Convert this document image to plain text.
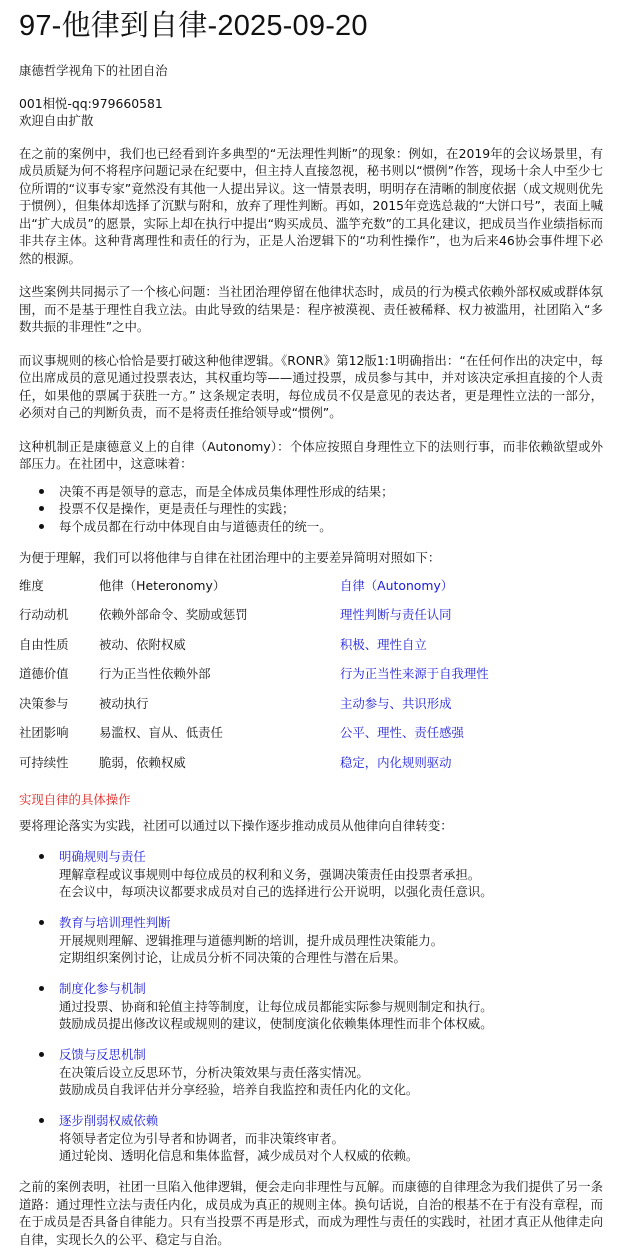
97-他律到自律-2025-09-20

康德哲学视角下的社团自治

001相悦-qq:979660581

欢迎自由扩散

在之前的案例中，我们也已经看到许多典型的“无法理性判断”的现象：例如，在2019年的会议场景里，有成员质疑为何不将程序问题记录在纪要中，但主持人直接忽视，秘书则以“惯例”作答，现场十余人中至少七位所谓的“议事专家”竟然没有其他一人提出异议。这一情景表明，明明存在清晰的制度依据（成文规则优先于惯例），但集体却选择了沉默与附和，放弃了理性判断。再如，2015年竞选总裁的“大饼口号”，表面上喊出“扩大成员”的愿景，实际上却在执行中提出“购买成员、滥竽充数”的工具化建议，把成员当作业绩指标而非共存主体。这种背离理性和责任的行为，正是人治逻辑下的“功利性操作”，也为后来46协会事件埋下必然的根源。

这些案例共同揭示了一个核心问题：当社团治理停留在他律状态时，成员的行为模式依赖外部权威或群体氛围，而不是基于理性自我立法。由此导致的结果是：程序被漠视、责任被稀释、权力被滥用，社团陷入“多数共振的非理性”之中。

而议事规则的核心恰恰是要打破这种他律逻辑。《RONR》第12版1:1明确指出：“在任何作出的决定中，每位出席成员的意见通过投票表达，其权重均等——通过投票，成员参与其中，并对该决定承担直接的个人责任，如果他的票属于获胜一方。” 这条规定表明，每位成员不仅是意见的表达者，更是理性立法的一部分，必须对自己的判断负责，而不是将责任推给领导或“惯例”。

这种机制正是康德意义上的自律（Autonomy）：个体应按照自身理性立下的法则行事，而非依赖欲望或外部压力。在社团中，这意味着：

决策不再是领导的意志，而是全体成员集体理性形成的结果；
投票不仅是操作，更是责任与理性的实践；
每个成员都在行动中体现自由与道德责任的统一。

为便于理解，我们可以将他律与自律在社团治理中的主要差异简明对照如下：

维度	他律（Heteronomy）	自律（Autonomy）
行动动机	依赖外部命令、奖励或惩罚	理性判断与责任认同
自由性质	被动、依附权威	积极、理性自立
道德价值	行为正当性依赖外部	行为正当性来源于自我理性
决策参与	被动执行	主动参与、共识形成
社团影响	易滥权、盲从、低责任	公平、理性、责任感强
可持续性	脆弱，依赖权威	稳定，内化规则驱动

实现自律的具体操作

要将理论落实为实践，社团可以通过以下操作逐步推动成员从他律向自律转变：

明确规则与责任
理解章程或议事规则中每位成员的权利和义务，强调决策责任由投票者承担。
在会议中，每项决议都要求成员对自己的选择进行公开说明，以强化责任意识。
教育与培训理性判断
开展规则理解、逻辑推理与道德判断的培训，提升成员理性决策能力。
定期组织案例讨论，让成员分析不同决策的合理性与潜在后果。
制度化参与机制
通过投票、协商和轮值主持等制度，让每位成员都能实际参与规则制定和执行。
鼓励成员提出修改议程或规则的建议，使制度演化依赖集体理性而非个体权威。
反馈与反思机制
在决策后设立反思环节，分析决策效果与责任落实情况。
鼓励成员自我评估并分享经验，培养自我监控和责任内化的文化。
逐步削弱权威依赖
将领导者定位为引导者和协调者，而非决策终审者。
通过轮岗、透明化信息和集体监督，减少成员对个人权威的依赖。

之前的案例表明，社团一旦陷入他律逻辑，便会走向非理性与瓦解。而康德的自律理念为我们提供了另一条道路：通过理性立法与责任内化，成员成为真正的规则主体。换句话说，自治的根基不在于有没有章程，而在于成员是否具备自律能力。只有当投票不再是形式，而成为理性与责任的实践时，社团才真正从他律走向自律，实现长久的公平、稳定与自治。
